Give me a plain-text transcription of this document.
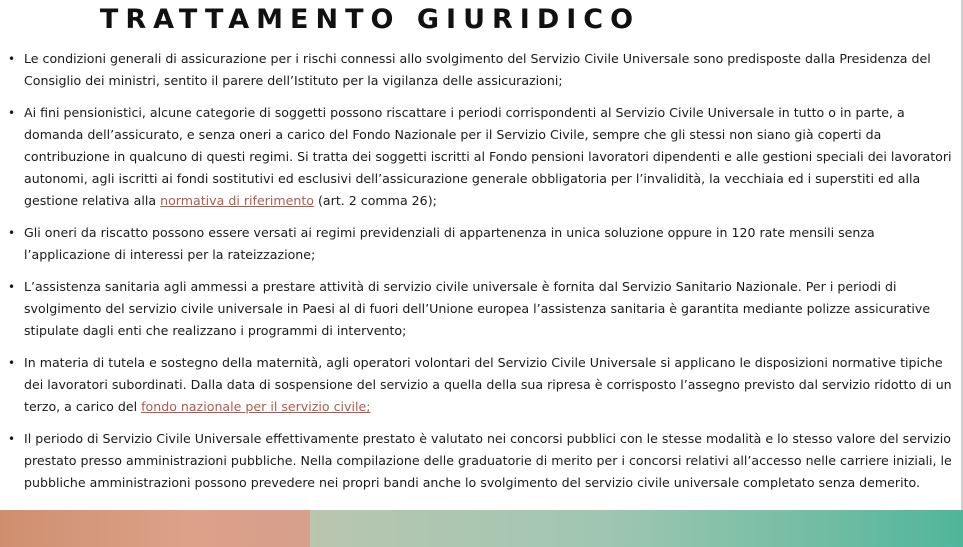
TRATTAMENTO GIURIDICO
• Le condizioni generali di assicurazione per i rischi connessi allo svolgimento del Servizio Civile Universale sono predisposte dalla Presidenza del Consiglio dei ministri, sentito il parere dell’Istituto per la vigilanza delle assicurazioni;
• Ai fini pensionistici, alcune categorie di soggetti possono riscattare i periodi corrispondenti al Servizio Civile Universale in tutto o in parte, a domanda dell’assicurato, e senza oneri a carico del Fondo Nazionale per il Servizio Civile, sempre che gli stessi non siano già coperti da contribuzione in qualcuno di questi regimi. Si tratta dei soggetti iscritti al Fondo pensioni lavoratori dipendenti e alle gestioni speciali dei lavoratori autonomi, agli iscritti ai fondi sostitutivi ed esclusivi dell’assicurazione generale obbligatoria per l’invalidità, la vecchiaia ed i superstiti ed alla gestione relativa alla normativa di riferimento (art. 2 comma 26);
• Gli oneri da riscatto possono essere versati ai regimi previdenziali di appartenenza in unica soluzione oppure in 120 rate mensili senza l’applicazione di interessi per la rateizzazione;
• L’assistenza sanitaria agli ammessi a prestare attività di servizio civile universale è fornita dal Servizio Sanitario Nazionale. Per i periodi di svolgimento del servizio civile universale in Paesi al di fuori dell’Unione europea l’assistenza sanitaria è garantita mediante polizze assicurative stipulate dagli enti che realizzano i programmi di intervento;
• In materia di tutela e sostegno della maternità, agli operatori volontari del Servizio Civile Universale si applicano le disposizioni normative tipiche dei lavoratori subordinati. Dalla data di sospensione del servizio a quella della sua ripresa è corrisposto l’assegno previsto dal servizio ridotto di un terzo, a carico del fondo nazionale per il servizio civile;
• Il periodo di Servizio Civile Universale effettivamente prestato è valutato nei concorsi pubblici con le stesse modalità e lo stesso valore del servizio prestato presso amministrazioni pubbliche. Nella compilazione delle graduatorie di merito per i concorsi relativi all’accesso nelle carriere iniziali, le pubbliche amministrazioni possono prevedere nei propri bandi anche lo svolgimento del servizio civile universale completato senza demerito.
